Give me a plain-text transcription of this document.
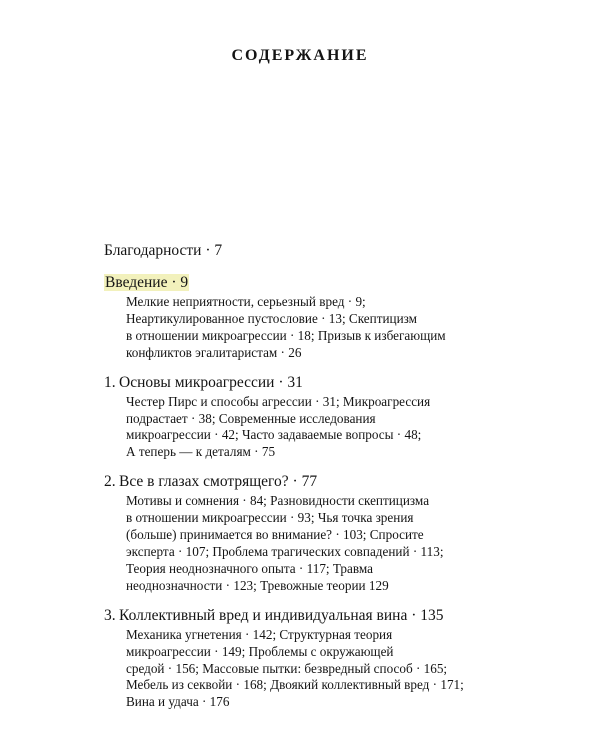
СОДЕРЖАНИЕ
Благодарности · 7
Введение · 9
Мелкие неприятности, серьезный вред · 9;
Неартикулированное пустословие · 13; Скептицизм
в отношении микроагрессии · 18; Призыв к избегающим
конфликтов эгалитаристам · 26
1. Основы микроагрессии · 31
Честер Пирс и способы агрессии · 31; Микроагрессия
подрастает · 38; Современные исследования
микроагрессии · 42; Часто задаваемые вопросы · 48;
А теперь — к деталям · 75
2. Все в глазах смотрящего? · 77
Мотивы и сомнения · 84; Разновидности скептицизма
в отношении микроагрессии · 93; Чья точка зрения
(больше) принимается во внимание? · 103; Спросите
эксперта · 107; Проблема трагических совпадений · 113;
Теория неоднозначного опыта · 117; Травма
неоднозначности · 123; Тревожные теории 129
3. Коллективный вред и индивидуальная вина · 135
Механика угнетения · 142; Структурная теория
микроагрессии · 149; Проблемы с окружающей
средой · 156; Массовые пытки: безвредный способ · 165;
Мебель из секвойи · 168; Двоякий коллективный вред · 171;
Вина и удача · 176
